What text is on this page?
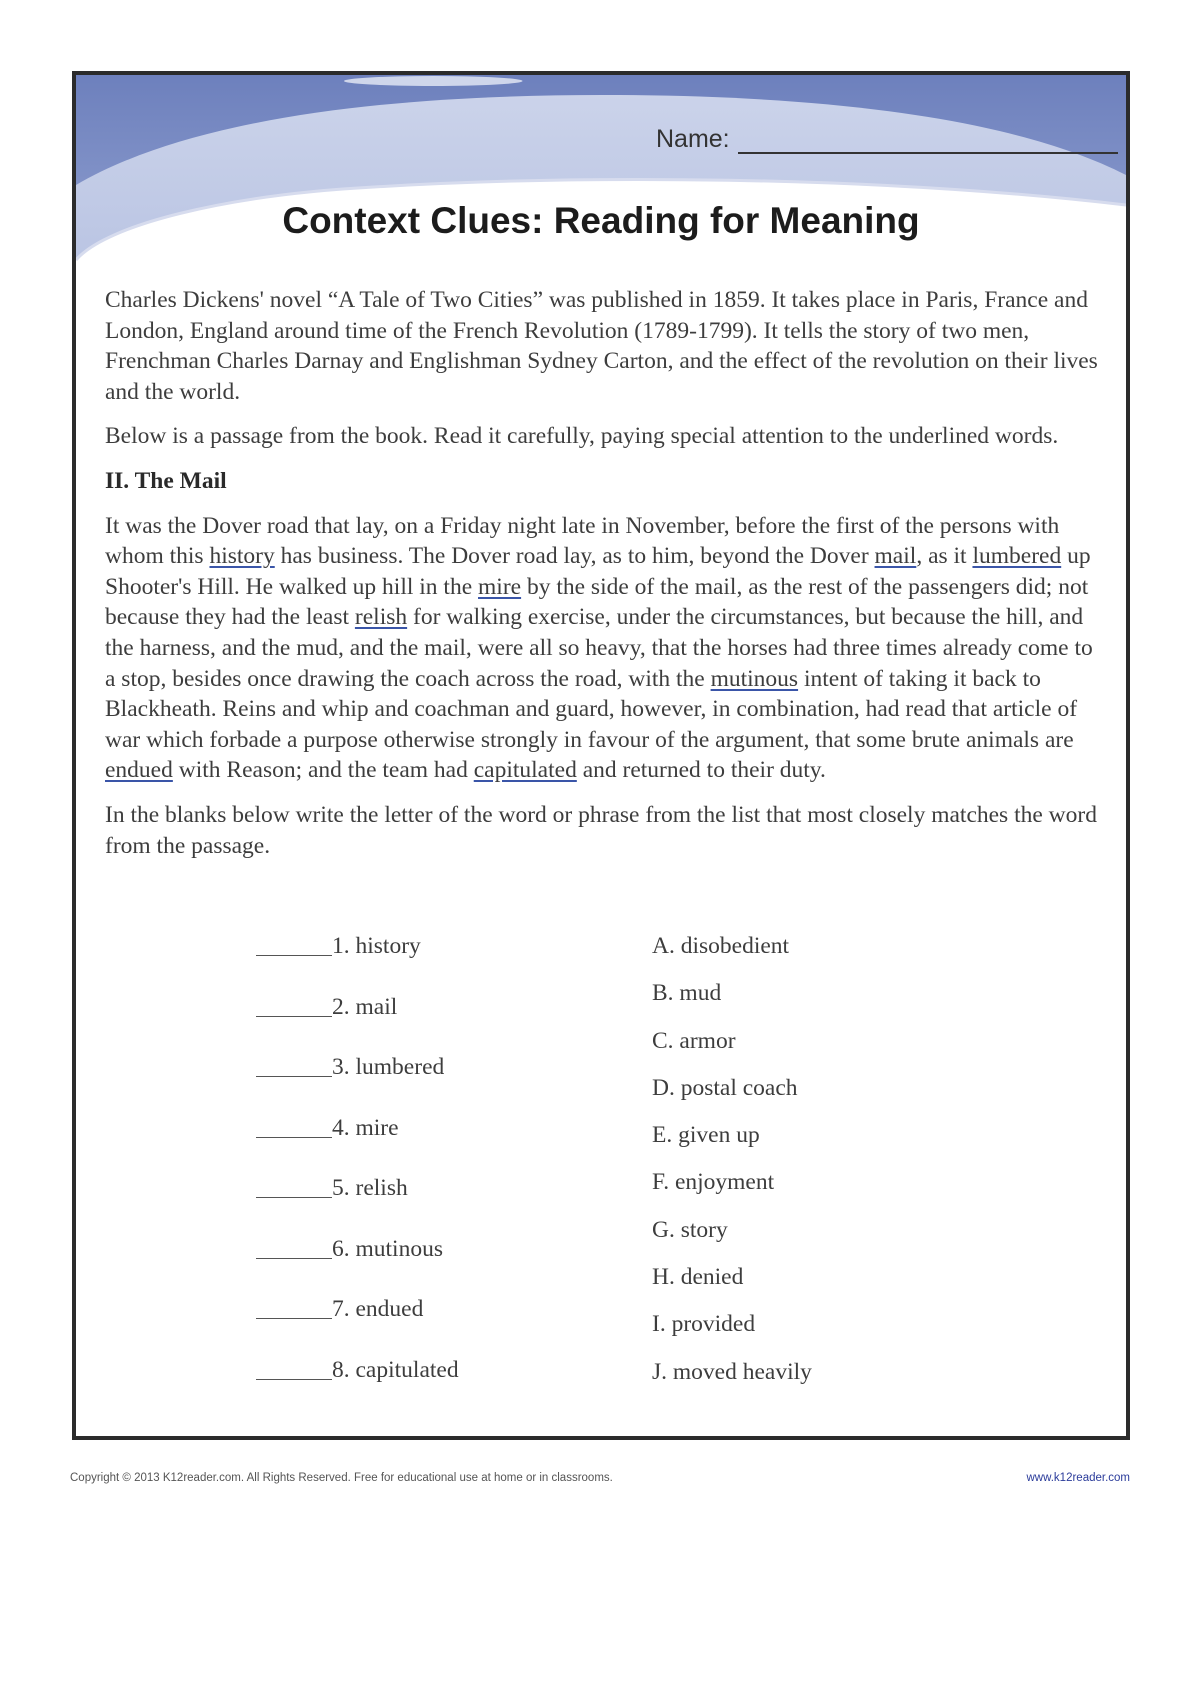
Name:
Context Clues: Reading for Meaning

Charles Dickens' novel “A Tale of Two Cities” was published in 1859. It takes place in Paris, France and London, England around time of the French Revolution (1789-1799). It tells the story of two men, Frenchman Charles Darnay and Englishman Sydney Carton, and the effect of the revolution on their lives and the world.

Below is a passage from the book. Read it carefully, paying special attention to the underlined words.

II. The Mail

It was the Dover road that lay, on a Friday night late in November, before the first of the persons with whom this history has business. The Dover road lay, as to him, beyond the Dover mail, as it lumbered up Shooter's Hill. He walked up hill in the mire by the side of the mail, as the rest of the passengers did; not because they had the least relish for walking exercise, under the circumstances, but because the hill, and the harness, and the mud, and the mail, were all so heavy, that the horses had three times already come to a stop, besides once drawing the coach across the road, with the mutinous intent of taking it back to Blackheath. Reins and whip and coachman and guard, however, in combination, had read that article of war which forbade a purpose otherwise strongly in favour of the argument, that some brute animals are endued with Reason; and the team had capitulated and returned to their duty.

In the blanks below write the letter of the word or phrase from the list that most closely matches the word from the passage.

1. history
2. mail
3. lumbered
4. mire
5. relish
6. mutinous
7. endued
8. capitulated
A. disobedient
B. mud
C. armor
D. postal coach
E. given up
F. enjoyment
G. story
H. denied
I. provided
J. moved heavily
Copyright © 2013 K12reader.com. All Rights Reserved. Free for educational use at home or in classrooms.	www.k12reader.com
